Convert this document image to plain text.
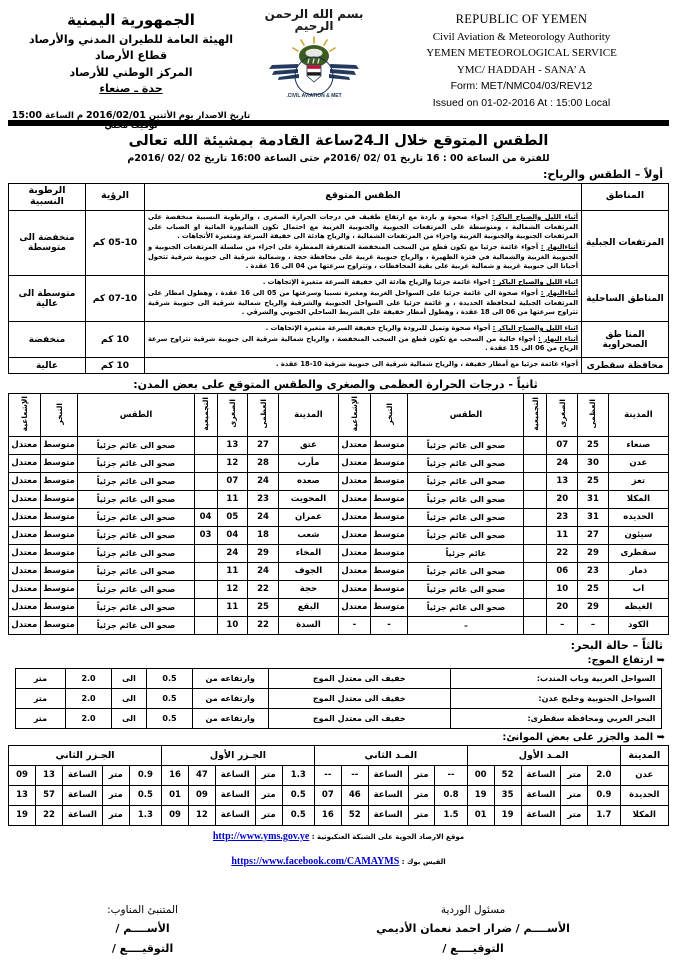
الجمهورية اليمنية
الهيئة العامة للطيران المدني والأرصاد
قطاع الأرصاد
المركز الوطني للأرصاد
حدة ـ صنعاء
تاريخ الاصدار يوم الأثنين 2016/02/01 م الساعة 15:00 توقيت محلي
بسم الله الرحمن الرحيم
CIVIL AVIATION & MET.
REPUBLIC OF YEMEN
Civil Aviation & Meteorology Authority
YEMEN METEOROLOGICAL SERVICE
YMC/ HADDAH - SANA’ A
Form: MET/NMC04/03/REV12
Issued on 01-02-2016 At : 15:00 Local
الطقس المتوقع خلال الـ24ساعة القادمة بمشيئة الله تعالى
للفترة من الساعة 00 : 16 تاريخ 01 /02 /2016م حتى الساعة 16:00 تاريخ 02 /02 /2016م
أولاً – الطقس والرياح:
المناطق	الطقس المتوقع	الرؤية	الرطوبة النسبية
المرتفعات الجبلية	أثناء الليل والصباح الباكر: اجواء صحوة و باردة مع ارتفاع طفيف في درجات الحرارة الصغرى ، والرطوبة النسبية منخفضة على المرتفعات الشمالية ، ومتوسطة على المرتفعات الجنوبية والجنوبية الغربية مع احتمال تكون الشابورة المائية او الضباب على المرتفعات الجنوبية والجنوبية الغربية واجزاء من المرتفعات الشمالية ، والرياح هادئة الى خفيفة السرعة ومتغيرة الأتجاهات .

أثناءالنهار : أجواء غائمة جزئيا مع تكون قطع من السحب المنخفضة المتفرقة الممطرة على اجزاء من سلسلة المرتفعات الجنوبية و الجنوبية الغربية والشمالية في فترة الظهيرة ، والرياح جنوبية غربية على محافظة حجة ، وشمالية شرقية الى جنوبية شرقية تتحول أحيانا الى جنوبية غربية و شمالية غربية على بقية المحافظات ، وتتراوح سرعتها من 04 الى 16 عقدة .	05-10 كم	منخفضة الى متوسطة
المناطق الساحلية	اثناء الليل والصباح الباكر : اجواء غائمة جزئيا والرياح هادئة الي خفيفة السرعة متغيرة الإتجاهات .

أثناءالنهار : أجواء صحوة الى غائمة جزئيا على السواحل الغربية ومغبرة نسبيا وسرعتها من 05 الى 16 عقدة ، وهطول امطار على المرتفعات الجبلية لمحافظة الحديدة ، و غائمة جزئيا على السواحل الجنوبية والشرقية والرياح شمالية شرقية الى جنوبية شرقية تتراوح سرعتها من 06 الى 18 عقدة ، وهطول أمطار خفيفة على الشريط الساحلي الجنوبي والشرقي .	07-10 كم	متوسطة الى عالية
المنا طق الصحراوية	اثناء الليل والصباح الباكر : أجواء صحوة وتميل للبرودة والرياح خفيفة السرعة متغيرة الإتجاهات .

أثناء النهار : أجواء خالية من السحب مع تكون قطع من السحب المنخفضة ، والرياح شمالية شرقية الى جنوبية شرقية تتراوح سرعة الرياح من 06 الى 15 عقدة .	10 كم	منخفضة
محافظة سقطرى	أجواء غائمة جزئيا مع أمطار خفيفة ، والرياح شمالية شرقية الى جنوبية شرقية 10-18 عقدة .	10 كم	عالية
ثانياً - درجات الحرارة العظمى والصغرى والطقس المتوقع على بعض المدن:
المدينة	العظمى	الصغرى	التجميعية	الطقس	التبخر	الإشعاعية	المدينة	العظمى	الصغرى	التجميعية	الطقس	التبخر	الإشعاعية
صنعاء	25	07		صحو الى غائم جزئياً	متوسط	معتدل	عتق	27	13		صحو الى غائم جزئياً	متوسط	معتدل
عدن	30	24		صحو الى غائم جزئياً	متوسط	معتدل	مأرب	28	12		صحو الى غائم جزئياً	متوسط	معتدل
تعز	25	13		صحو الى غائم جزئياً	متوسط	معتدل	صعده	24	07		صحو الى غائم جزئياً	متوسط	معتدل
المكلا	31	20		صحو الى غائم جزئياً	متوسط	معتدل	المحويت	23	11		صحو الى غائم جزئياً	متوسط	معتدل
الحديده	31	23		صحو الى غائم جزئياً	متوسط	معتدل	عمران	24	05	04	صحو الى غائم جزئياً	متوسط	معتدل
سيئون	27	11		صحو الى غائم جزئياً	متوسط	معتدل	شعب	18	04	03	صحو الى غائم جزئياً	متوسط	معتدل
سقطرى	29	22		غائم جزئياً	متوسط	معتدل	المخاء	29	24		صحو الى غائم جزئياً	متوسط	معتدل
ذمار	23	06		صحو الى غائم جزئياً	متوسط	معتدل	الجوف	24	11		صحو الى غائم جزئياً	متوسط	معتدل
اب	25	10		صحو الى غائم جزئياً	متوسط	معتدل	حجة	22	12		صحو الى غائم جزئياً	متوسط	معتدل
الغيظه	29	20		صحو الى غائم جزئياً	متوسط	معتدل	البقع	25	11		صحو الى غائم جزئياً	متوسط	معتدل
الكود	–	–		–	-	-	السدة	22	10		صحو الى غائم جزئياً	متوسط	معتدل
ثالثاً – حالة البحر:
➥ ارتفاع الموج:
السواحل الغربية وباب المندب:	خفيف الى معتدل الموج	وارتفاعه من	0.5	الى	2.0	متر
السواحل الجنوبية وخليج عدن:	خفيف الى معتدل الموج	وارتفاعه من	0.5	الى	2.0	متر
البحر العربي ومحافظة سقطرى:	خفيف الى معتدل الموج	وارتفاعه من	0.5	الى	2.0	متر
➥ المد والجزر على بعض الموانئ:
المدينة	المـد الأول					المـد الثاني					الجـزر الأول					الجـزر الثاني				
عدن	2.0	متر	الساعة	52	00	--	متر	الساعة	--	--	1.3	متر	الساعة	47	16	0.9	متر	الساعة	13	09
الحديدة	0.9	متر	الساعة	35	19	0.8	متر	الساعة	46	07	0.5	متر	الساعة	09	01	0.5	متر	الساعة	57	13
المكلا	1.7	متر	الساعة	19	01	1.5	متر	الساعة	52	16	0.5	متر	الساعة	12	09	1.3	متر	الساعة	22	19
موقع الارصاد الجوية على الشبكة العنكبوتية : http://www.yms.gov.ye
الفيس بوك : https://www.facebook.com/CAMAYMS
المتنبئ المناوب:
الأســــم /
التوقيــــع /
مسئول الوردية
الأســــم / ضرار احمد نعمان الأديمي
التوقيــــع /
